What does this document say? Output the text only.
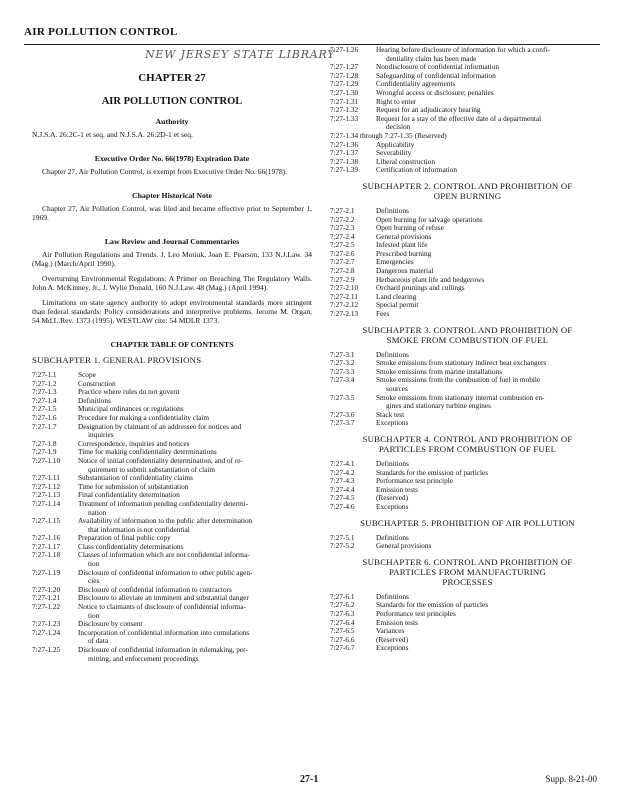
AIR POLLUTION CONTROL
NEW JERSEY STATE LIBRARY
CHAPTER 27
AIR POLLUTION CONTROL
Authority
N.J.S.A. 26:2C-1 et seq. and N.J.S.A. 26:2D-1 et seq.
Executive Order No. 66(1978) Expiration Date
Chapter 27, Air Pollution Control, is exempt from Executive Order No. 66(1978).
Chapter Historical Note
Chapter 27, Air Pollution Control, was filed and became effective prior to September 1, 1969.
Law Review and Journal Commentaries
Air Pollution Regulations and Trends. J. Leo Motiuk, Joan E. Pearson, 133 N.J.Law. 34 (Mag.) (March/April 1990).
Overturning Environmental Regulations: A Primer on Breaching The Regulatory Walls. John A. McKinney, Jr., J. Wylie Donald, 160 N.J.Law. 48 (Mag.) (April 1994).
Limitations on state agency authority to adopt environmental standards more stringent than federal standards: Policy considerations and interpretive problems. Jerome M. Organ, 54 Md.L.Rev. 1373 (1995). WESTLAW cite: 54 MDLR 1373.
CHAPTER TABLE OF CONTENTS
SUBCHAPTER 1. GENERAL PROVISIONS
7:27-1.1	Scope
7:27-1.2	Construction
7:27-1.3	Practice where rules do not govern
7:27-1.4	Definitions
7:27-1.5	Municipal ordinances or regulations
7:27-1.6	Procedure for making a confidentiality claim
7:27-1.7	Designation by claimant of an addressee for notices and
inquiries
7:27-1.8	Correspondence, inquiries and notices
7:27-1.9	Time for making confidentiality determinations
7:27-1.10	Notice of initial confidentiality determination, and of re-
quirement to submit substantiation of claim
7:27-1.11	Substantiation of confidentiality claims
7:27-1.12	Time for submission of substantiation
7:27-1.13	Final confidentiality determination
7:27-1.14	Treatment of information pending confidentiality determi-
nation
7:27-1.15	Availability of information to the public after determination
that information is not confidential
7:27-1.16	Preparation of final public copy
7:27-1.17	Class confidentiality determinations
7:27-1.18	Classes of information which are not confidential informa-
tion
7:27-1.19	Disclosure of confidential information to other public agen-
cies
7:27-1.20	Disclosure of confidential information to contractors
7:27-1.21	Disclosure to alleviate an imminent and substantial danger
7:27-1.22	Notice to claimants of disclosure of confidential informa-
tion
7:27-1.23	Disclosure by consent
7:27-1.24	Incorporation of confidential information into cumulations
of data
7:27-1.25	Disclosure of confidential information in rulemaking, per-
mitting, and enforcement proceedings
7:27-1.26	Hearing before disclosure of information for which a confi-
dentiality claim has been made
7:27-1.27	Nondisclosure of confidential information
7:27-1.28	Safeguarding of confidential information
7:27-1.29	Confidentiality agreements
7:27-1.30	Wrongful access or disclosure; penalties
7:27-1.31	Right to enter
7:27-1.32	Request for an adjudicatory hearing
7:27-1.33	Request for a stay of the effective date of a departmental
decision
7:27-1.34 through 7:27-1.35 (Reserved)
7:27-1.36	Applicability
7:27-1.37	Severability
7:27-1.38	Liberal construction
7:27-1.39	Certification of information
SUBCHAPTER 2. CONTROL AND PROHIBITION OF
OPEN BURNING
7:27-2.1	Definitions
7:27-2.2	Open burning for salvage operations
7:27-2.3	Open burning of refuse
7:27-2.4	General provisions
7:27-2.5	Infested plant life
7:27-2.6	Prescribed burning
7:27-2.7	Emergencies
7:27-2.8	Dangerous material
7:27-2.9	Herbaceous plant life and hedgerows
7:27-2.10	Orchard prunings and cullings
7:27-2.11	Land clearing
7:27-2.12	Special permit
7:27-2.13	Fees
SUBCHAPTER 3. CONTROL AND PROHIBITION OF
SMOKE FROM COMBUSTION OF FUEL
7:27-3.1	Definitions
7:27-3.2	Smoke emissions from stationary indirect heat exchangers
7:27-3.3	Smoke emissions from marine installations
7:27-3.4	Smoke emissions from the combustion of fuel in mobile
sources
7:27-3.5	Smoke emissions from stationary internal combustion en-
gines and stationary turbine engines
7:27-3.6	Stack test
7:27-3.7	Exceptions
SUBCHAPTER 4. CONTROL AND PROHIBITION OF
PARTICLES FROM COMBUSTION OF FUEL
7:27-4.1	Definitions
7:27-4.2	Standards for the emission of particles
7:27-4.3	Performance test principle
7:27-4.4	Emission tests
7:27-4.5	(Reserved)
7:27-4.6	Exceptions
SUBCHAPTER 5. PROHIBITION OF AIR POLLUTION
7:27-5.1	Definitions
7:27-5.2	General provisions
SUBCHAPTER 6. CONTROL AND PROHIBITION OF
PARTICLES FROM MANUFACTURING
PROCESSES
7:27-6.1	Definitions
7:27-6.2	Standards for the emission of particles
7:27-6.3	Performance test principles
7:27-6.4	Emission tests
7:27-6.5	Variances
7:27-6.6	(Reserved)
7:27-6.7	Exceptions
27-1	Supp. 8-21-00
